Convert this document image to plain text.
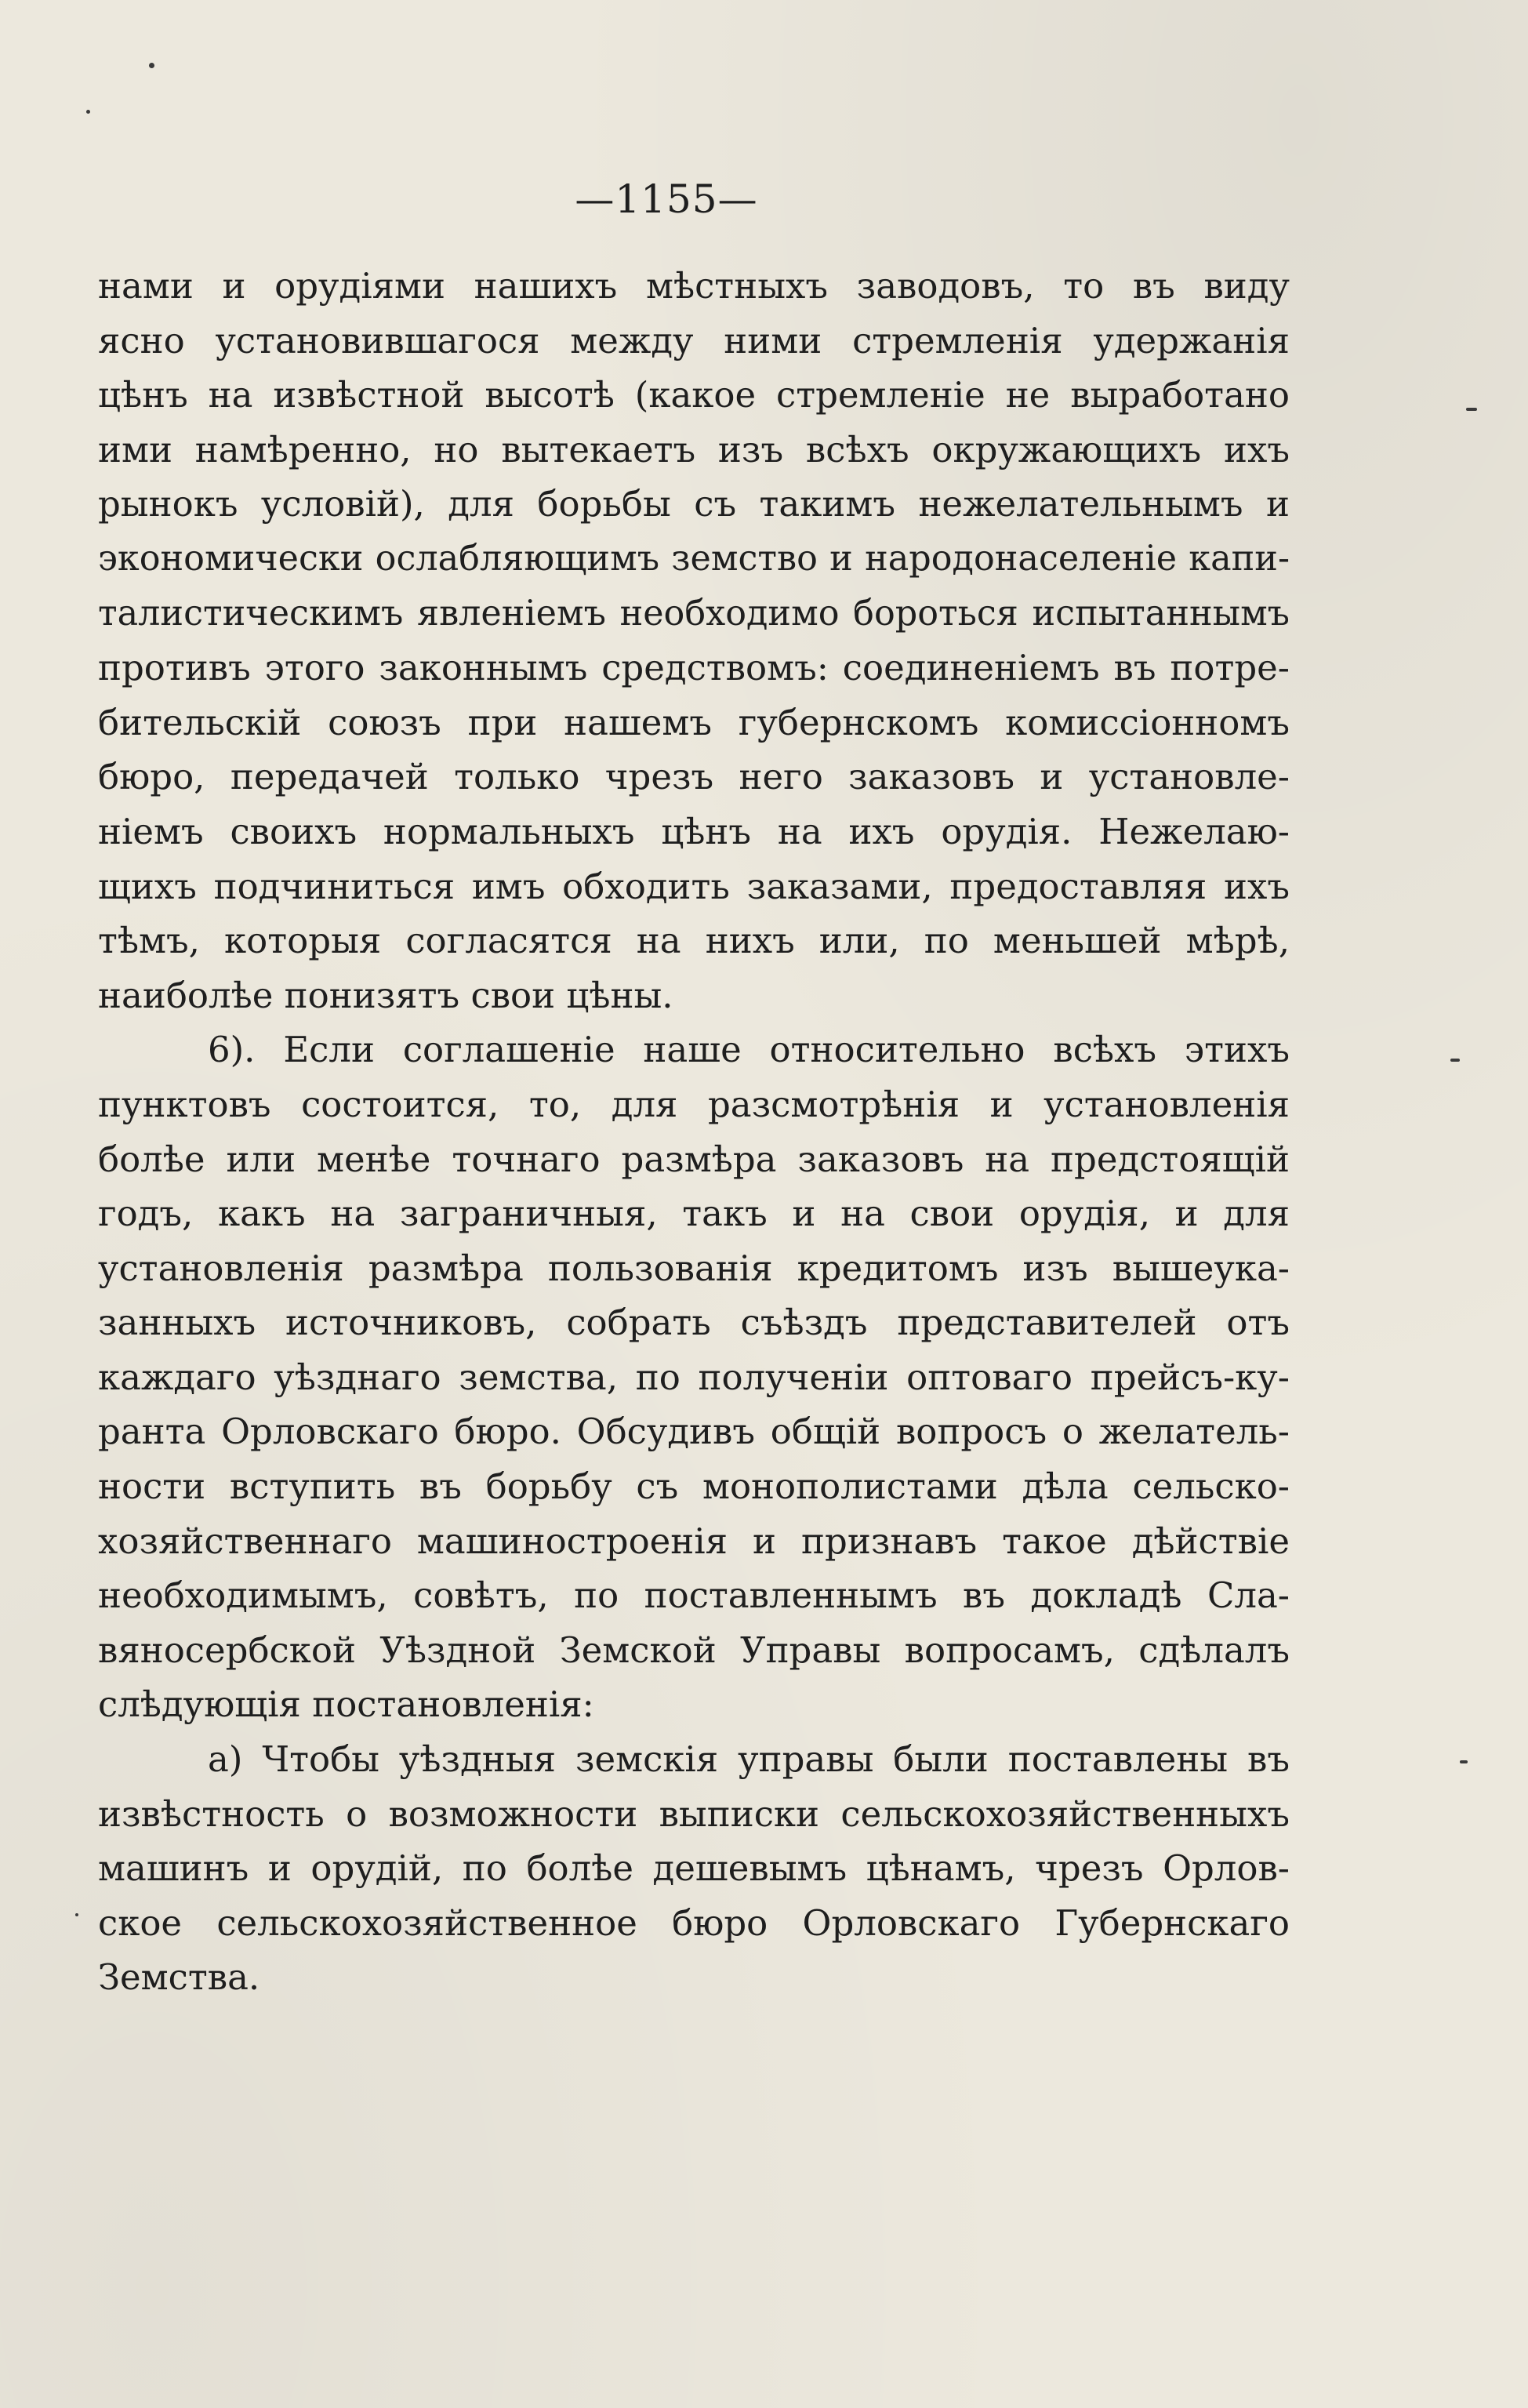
—1155—
нами и орудіями нашихъ мѣстныхъ заводовъ, то въ виду
ясно установившагося между ними стремленія удержанія
цѣнъ на извѣстной высотѣ (какое стремленіе не выработано
ими намѣренно, но вытекаетъ изъ всѣхъ окружающихъ ихъ
рынокъ условій), для борьбы съ такимъ нежелательнымъ и
экономически ослабляющимъ земство и народонаселеніе капи-
талистическимъ явленіемъ необходимо бороться испытаннымъ
противъ этого законнымъ средствомъ: соединеніемъ въ потре-
бительскій союзъ при нашемъ губернскомъ комиссіонномъ
бюро, передачей только чрезъ него заказовъ и установле-
ніемъ своихъ нормальныхъ цѣнъ на ихъ орудія. Нежелаю-
щихъ подчиниться имъ обходить заказами, предоставляя ихъ
тѣмъ, которыя согласятся на нихъ или, по меньшей мѣрѣ,
наиболѣе понизятъ свои цѣны.
6). Если соглашеніе наше относительно всѣхъ этихъ
пунктовъ состоится, то, для разсмотрѣнія и установленія
болѣе или менѣе точнаго размѣра заказовъ на предстоящій
годъ, какъ на заграничныя, такъ и на свои орудія, и для
установленія размѣра пользованія кредитомъ изъ вышеука-
занныхъ источниковъ, собрать съѣздъ представителей отъ
каждаго уѣзднаго земства, по полученіи оптоваго прейсъ-ку-
ранта Орловскаго бюро. Обсудивъ общій вопросъ о желатель-
ности вступить въ борьбу съ монополистами дѣла сельско-
хозяйственнаго машиностроенія и признавъ такое дѣйствіе
необходимымъ, совѣтъ, по поставленнымъ въ докладѣ Сла-
вяносербской Уѣздной Земской Управы вопросамъ, сдѣлалъ
слѣдующія постановленія:
а) Чтобы уѣздныя земскія управы были поставлены въ
извѣстность о возможности выписки сельскохозяйственныхъ
машинъ и орудій, по болѣе дешевымъ цѣнамъ, чрезъ Орлов-
ское сельскохозяйственное бюро Орловскаго Губернскаго
Земства.
